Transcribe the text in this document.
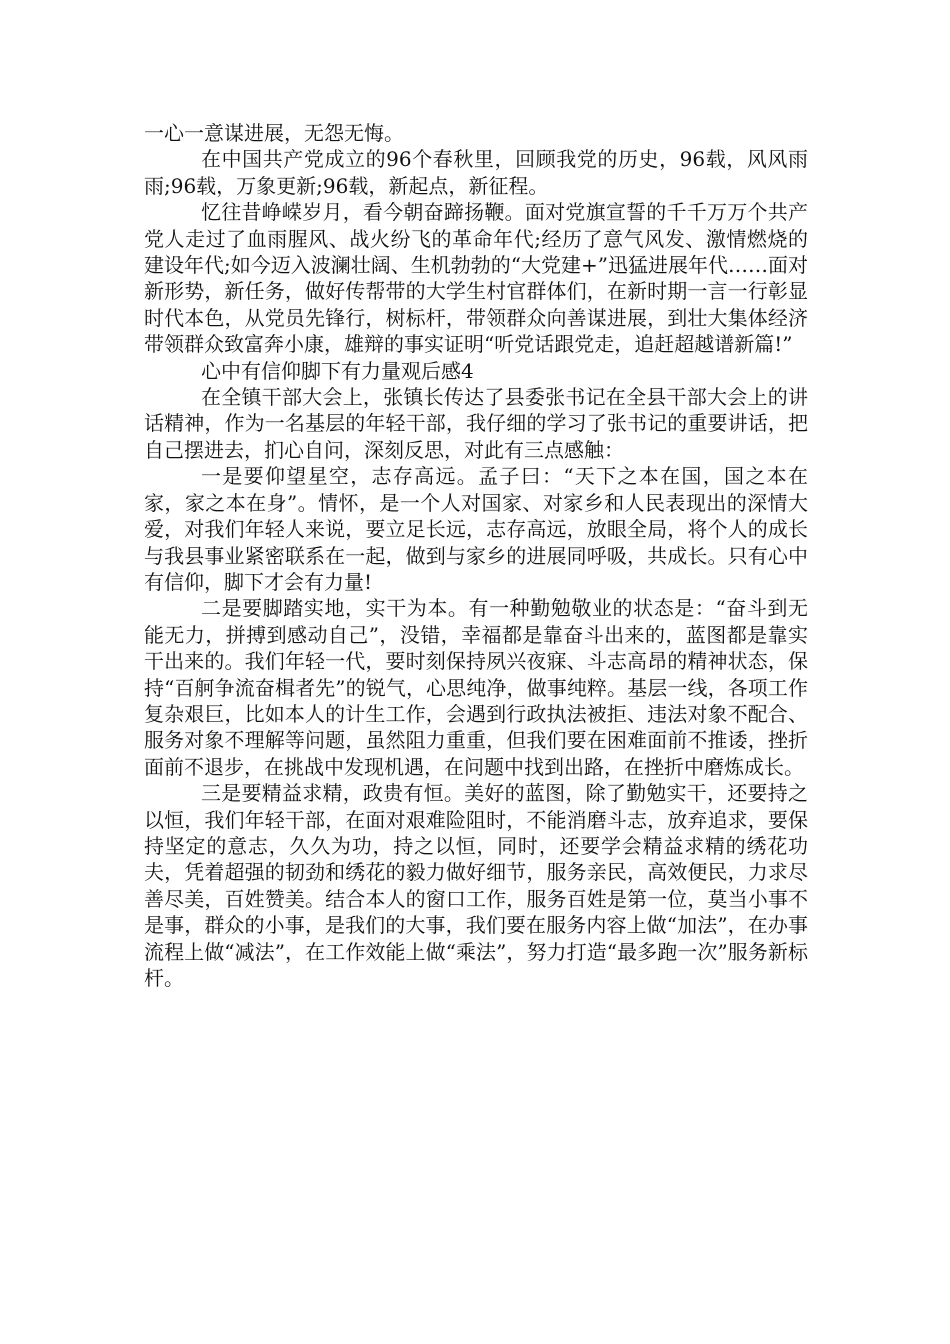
一心一意谋进展，无怨无悔。

在中国共产党成立的96个春秋里，回顾我党的历史，96载，风风雨雨;96载，万象更新;96载，新起点，新征程。

忆往昔峥嵘岁月，看今朝奋蹄扬鞭。面对党旗宣誓的千千万万个共产党人走过了血雨腥风、战火纷飞的革命年代;经历了意气风发、激情燃烧的建设年代;如今迈入波澜壮阔、生机勃勃的“大党建+”迅猛进展年代……面对新形势，新任务，做好传帮带的大学生村官群体们，在新时期一言一行彰显时代本色，从党员先锋行，树标杆，带领群众向善谋进展，到壮大集体经济带领群众致富奔小康，雄辩的事实证明“听党话跟党走，追赶超越谱新篇!”

心中有信仰脚下有力量观后感4

在全镇干部大会上，张镇长传达了县委张书记在全县干部大会上的讲话精神，作为一名基层的年轻干部，我仔细的学习了张书记的重要讲话，把自己摆进去，扪心自问，深刻反思，对此有三点感触：

一是要仰望星空，志存高远。孟子曰：“天下之本在国，国之本在家，家之本在身”。情怀，是一个人对国家、对家乡和人民表现出的深情大爱，对我们年轻人来说，要立足长远，志存高远，放眼全局，将个人的成长与我县事业紧密联系在一起，做到与家乡的进展同呼吸，共成长。只有心中有信仰，脚下才会有力量!

二是要脚踏实地，实干为本。有一种勤勉敬业的状态是：“奋斗到无能无力，拼搏到感动自己”，没错，幸福都是靠奋斗出来的，蓝图都是靠实干出来的。我们年轻一代，要时刻保持夙兴夜寐、斗志高昂的精神状态，保持“百舸争流奋楫者先”的锐气，心思纯净，做事纯粹。基层一线，各项工作复杂艰巨，比如本人的计生工作，会遇到行政执法被拒、违法对象不配合、服务对象不理解等问题，虽然阻力重重，但我们要在困难面前不推诿，挫折面前不退步，在挑战中发现机遇，在问题中找到出路，在挫折中磨炼成长。

三是要精益求精，政贵有恒。美好的蓝图，除了勤勉实干，还要持之以恒，我们年轻干部，在面对艰难险阻时，不能消磨斗志，放弃追求，要保持坚定的意志，久久为功，持之以恒，同时，还要学会精益求精的绣花功夫，凭着超强的韧劲和绣花的毅力做好细节，服务亲民，高效便民，力求尽善尽美，百姓赞美。结合本人的窗口工作，服务百姓是第一位，莫当小事不是事，群众的小事，是我们的大事，我们要在服务内容上做“加法”，在办事流程上做“减法”，在工作效能上做“乘法”，努力打造“最多跑一次”服务新标杆。
